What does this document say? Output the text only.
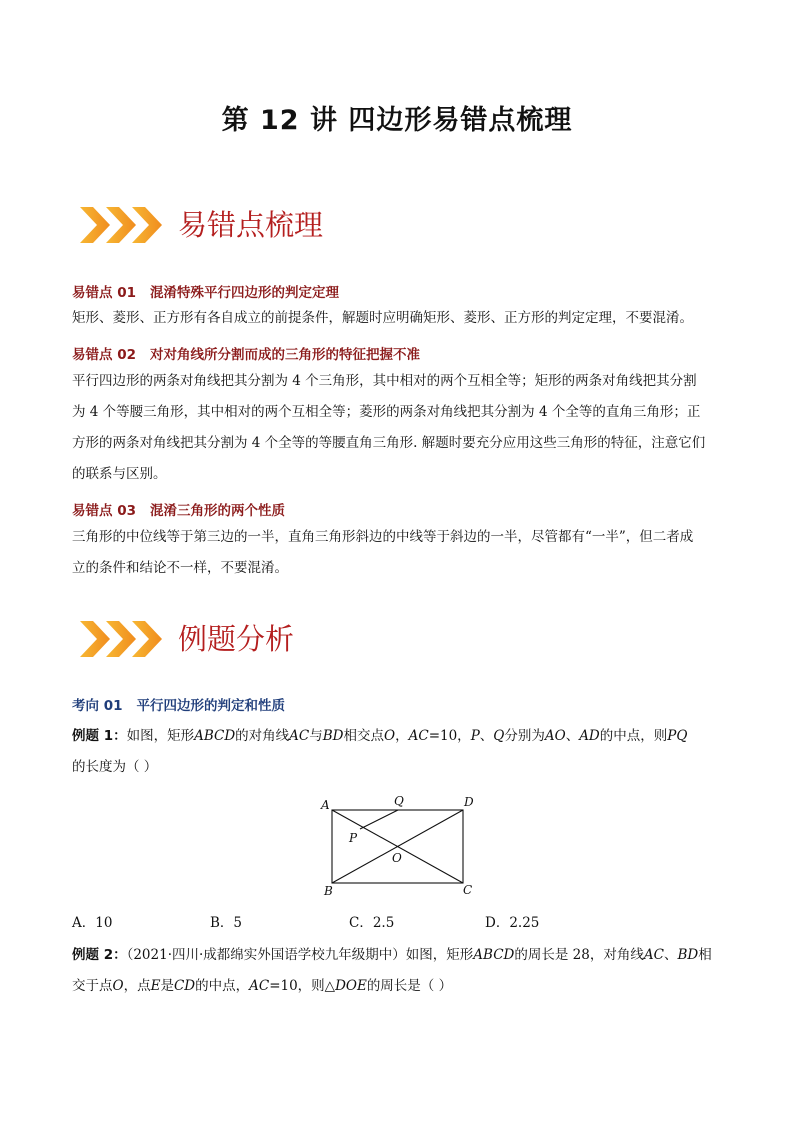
第 12 讲 四边形易错点梳理
易错点梳理
易错点 01 混淆特殊平行四边形的判定定理
矩形、菱形、正方形有各自成立的前提条件，解题时应明确矩形、菱形、正方形的判定定理，不要混淆。
易错点 02 对对角线所分割而成的三角形的特征把握不准
平行四边形的两条对角线把其分割为 4 个三角形，其中相对的两个互相全等；矩形的两条对角线把其分割
为 4 个等腰三角形，其中相对的两个互相全等；菱形的两条对角线把其分割为 4 个全等的直角三角形；正
方形的两条对角线把其分割为 4 个全等的等腰直角三角形. 解题时要充分应用这些三角形的特征，注意它们
的联系与区别。
易错点 03 混淆三角形的两个性质
三角形的中位线等于第三边的一半，直角三角形斜边的中线等于斜边的一半，尽管都有“一半”，但二者成
立的条件和结论不一样，不要混淆。
例题分析
考向 01 平行四边形的判定和性质
例题 1：如图，矩形ABCD的对角线AC与BD相交点O，AC=10，P、Q分别为AO、AD的中点，则PQ
的长度为（ ）
A	Q	D
P
O
B	C
A．10	B．5	C．2.5	D．2.25
例题 2：（2021·四川·成都绵实外国语学校九年级期中）如图，矩形ABCD的周长是 28，对角线AC、BD相
交于点O，点E是CD的中点，AC=10，则△DOE的周长是（ ）
